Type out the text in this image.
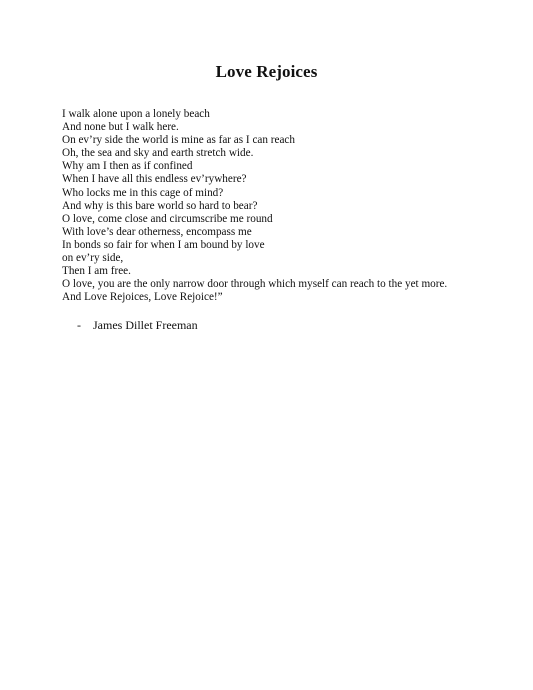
Love Rejoices
I walk alone upon a lonely beach
And none but I walk here.
On ev’ry side the world is mine as far as I can reach
Oh, the sea and sky and earth stretch wide.
Why am I then as if confined
When I have all this endless ev’rywhere?
Who locks me in this cage of mind?
And why is this bare world so hard to bear?
O love, come close and circumscribe me round
With love’s dear otherness, encompass me
In bonds so fair for when I am bound by love
on ev’ry side,
Then I am free.
O love, you are the only narrow door through which myself can reach to the yet more.
And Love Rejoices, Love Rejoice!”

- James Dillet Freeman
